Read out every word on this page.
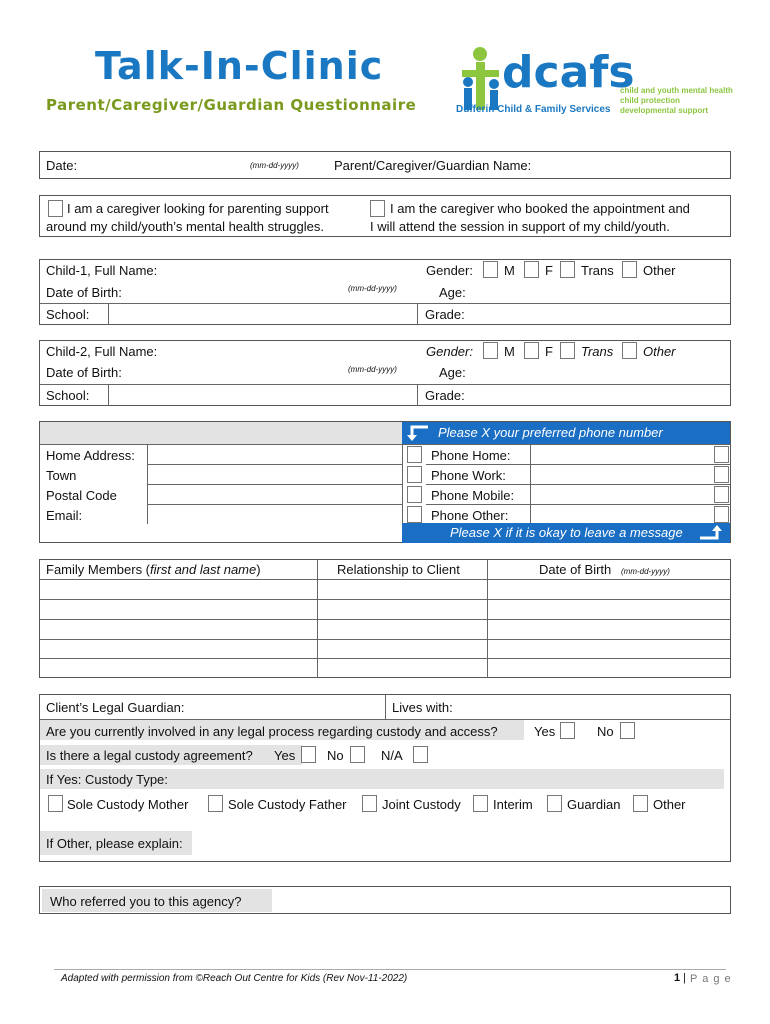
Talk-In-Clinic
Parent/Caregiver/Guardian Questionnaire
dcafs
Dufferin Child & Family Services
child and youth mental health
child protection
developmental support
Date:	(mm-dd-yyyy)	Parent/Caregiver/Guardian Name:
I am a caregiver looking for parenting support
around my child/youth’s mental health struggles.
I am the caregiver who booked the appointment and
I will attend the session in support of my child/youth.
Child-1, Full Name:	Gender: M F Trans Other
Date of Birth:	(mm-dd-yyyy)	Age:
School:	Grade:
Child-2, Full Name:	Gender: M F Trans Other
Date of Birth:	(mm-dd-yyyy)	Age:
School:	Grade:
Please X your preferred phone number
Home Address:
Town
Postal Code
Email:
Phone Home:
Phone Work:
Phone Mobile:
Phone Other:
Please X if it is okay to leave a message
Family Members (first and last name)	Relationship to Client	Date of Birth (mm-dd-yyyy)
Client’s Legal Guardian:	Lives with:
Are you currently involved in any legal process regarding custody and access?	Yes	No
Is there a legal custody agreement? Yes No	N/A
If Yes: Custody Type:
Sole Custody Mother	Sole Custody Father	Joint Custody Interim	Guardian	Other
If Other, please explain:
Who referred you to this agency?
Adapted with permission from ©Reach Out Centre for Kids (Rev Nov-11-2022)	1 | P a g e
